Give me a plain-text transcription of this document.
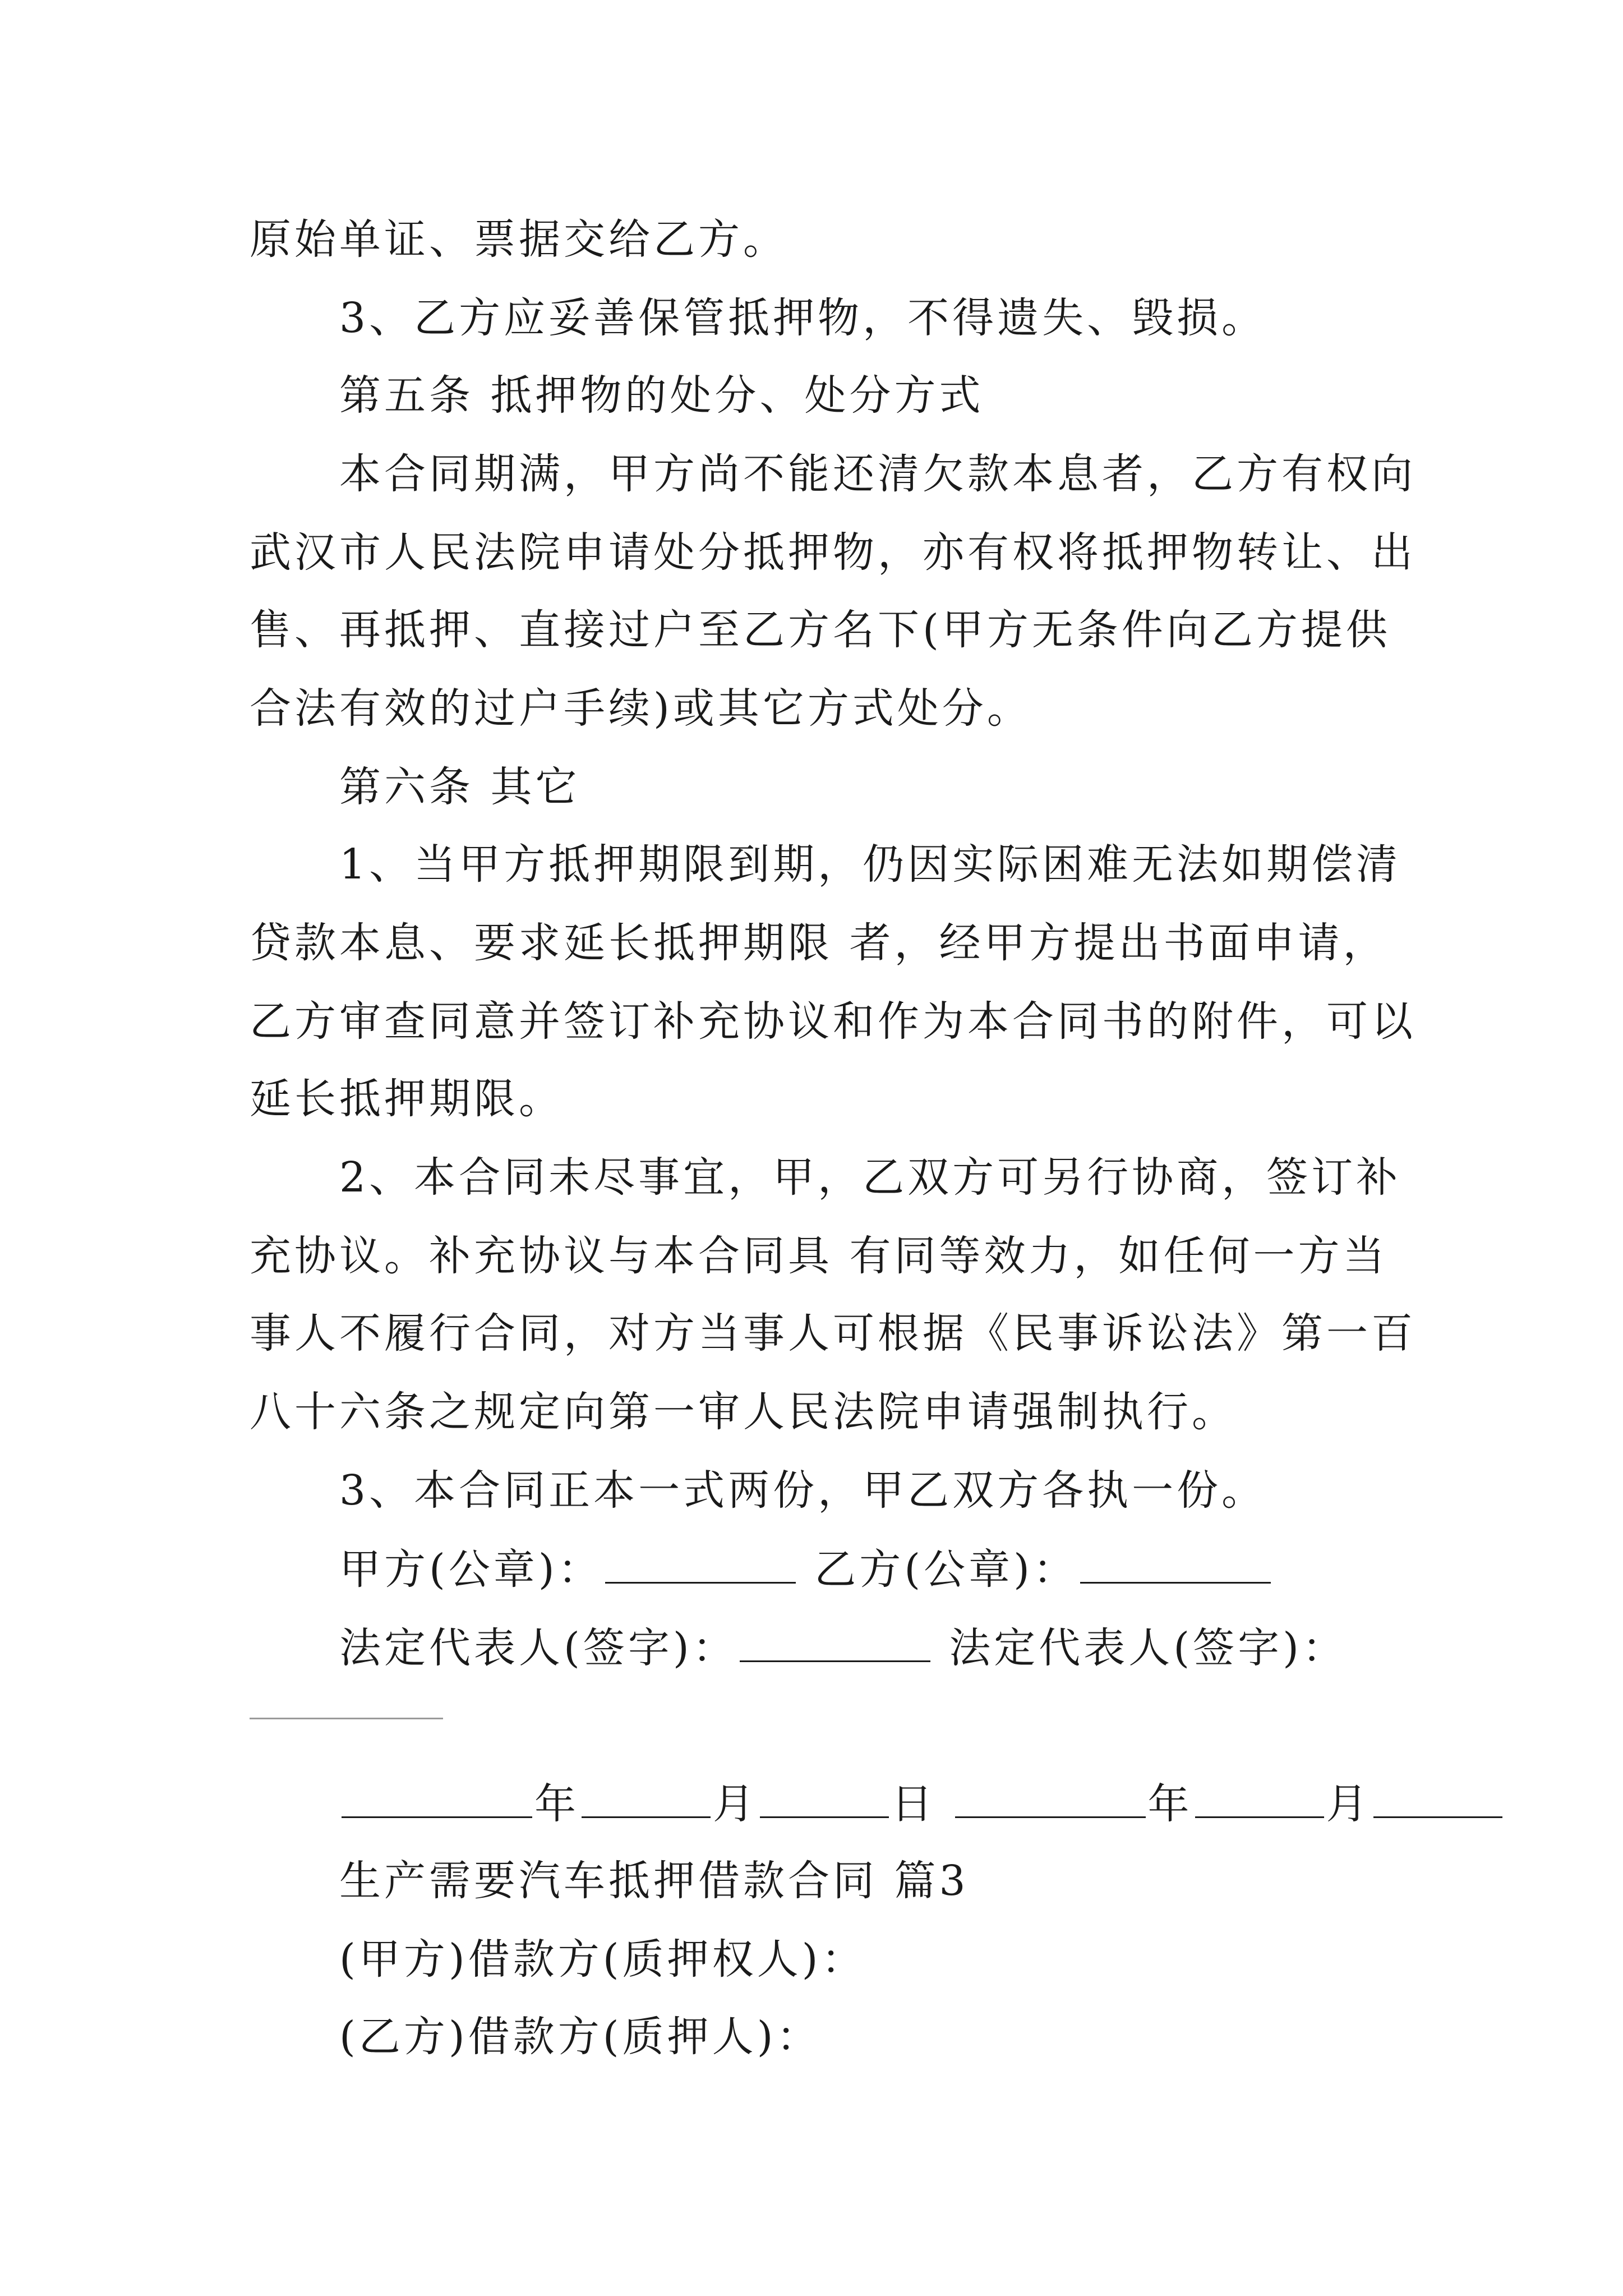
原始单证、票据交给乙方。
3、乙方应妥善保管抵押物，不得遗失、毁损。
第五条 抵押物的处分、处分方式
本合同期满，甲方尚不能还清欠款本息者，乙方有权向
武汉市人民法院申请处分抵押物，亦有权将抵押物转让、出
售、再抵押、直接过户至乙方名下(甲方无条件向乙方提供
合法有效的过户手续)或其它方式处分。
第六条 其它
1、当甲方抵押期限到期，仍因实际困难无法如期偿清
贷款本息、要求延长抵押期限 者，经甲方提出书面申请，
乙方审查同意并签订补充协议和作为本合同书的附件，可以
延长抵押期限。
2、本合同未尽事宜，甲，乙双方可另行协商，签订补
充协议。补充协议与本合同具 有同等效力，如任何一方当
事人不履行合同，对方当事人可根据《民事诉讼法》第一百
八十六条之规定向第一审人民法院申请强制执行。
3、本合同正本一式两份，甲乙双方各执一份。
甲方(公章)：	乙方(公章)：
法定代表人(签字)：	法定代表人(签字)：
年	月	日	年	月
生产需要汽车抵押借款合同 篇3
(甲方)借款方(质押权人)：
(乙方)借款方(质押人)：
